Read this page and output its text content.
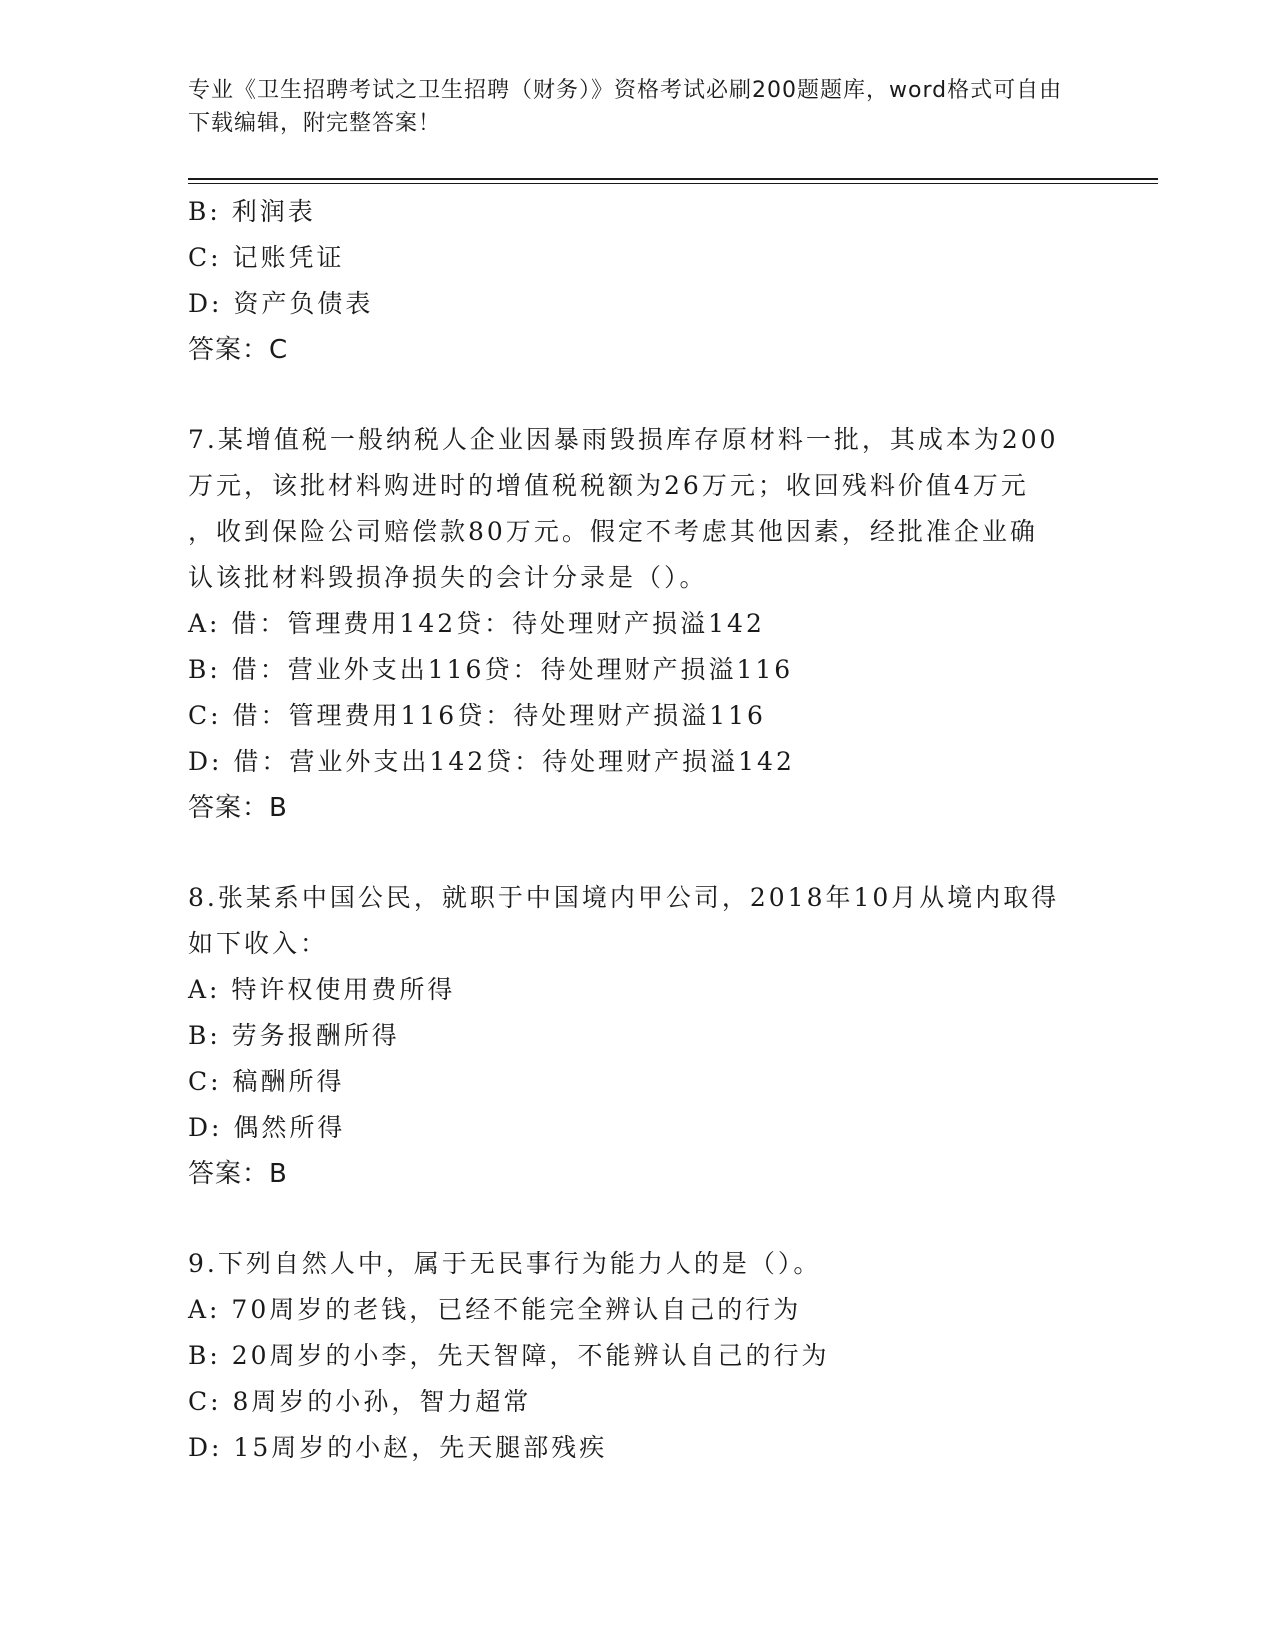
专业《卫生招聘考试之卫生招聘（财务）》资格考试必刷200题题库，word格式可自由下载编辑，附完整答案！
B: 利润表
C: 记账凭证
D: 资产负债表
答案：C
7.某增值税一般纳税人企业因暴雨毁损库存原材料一批，其成本为200
万元，该批材料购进时的增值税税额为26万元；收回残料价值4万元
，收到保险公司赔偿款80万元。假定不考虑其他因素，经批准企业确
认该批材料毁损净损失的会计分录是（）。
A: 借：管理费用142贷：待处理财产损溢142
B: 借：营业外支出116贷：待处理财产损溢116
C: 借：管理费用116贷：待处理财产损溢116
D: 借：营业外支出142贷：待处理财产损溢142
答案：B
8.张某系中国公民，就职于中国境内甲公司，2018年10月从境内取得
如下收入：
A: 特许权使用费所得
B: 劳务报酬所得
C: 稿酬所得
D: 偶然所得
答案：B
9.下列自然人中，属于无民事行为能力人的是（）。
A: 70周岁的老钱，已经不能完全辨认自己的行为
B: 20周岁的小李，先天智障，不能辨认自己的行为
C: 8周岁的小孙，智力超常
D: 15周岁的小赵，先天腿部残疾
